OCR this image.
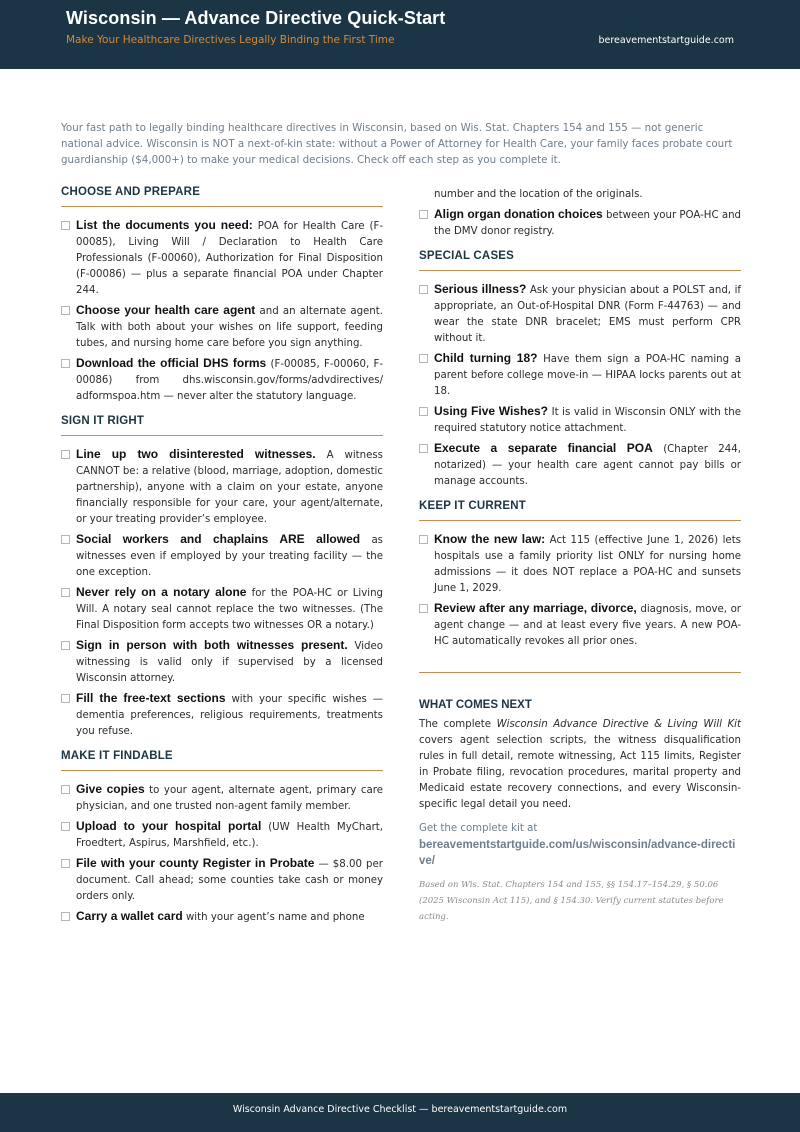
Wisconsin — Advance Directive Quick-Start
Make Your Healthcare Directives Legally Binding the First Time	bereavementstartguide.com
Your fast path to legally binding healthcare directives in Wisconsin, based on Wis. Stat. Chapters 154 and 155 — not generic national advice. Wisconsin is NOT a next-of-kin state: without a Power of Attorney for Health Care, your family faces probate court guardianship ($4,000+) to make your medical decisions. Check off each step as you complete it.
CHOOSE AND PREPARE
List the documents you need: POA for Health Care (F-00085), Living Will / Declaration to Health Care Professionals (F-00060), Authorization for Final Disposition (F-00086) — plus a separate financial POA under Chapter 244.
Choose your health care agent and an alternate agent. Talk with both about your wishes on life support, feeding tubes, and nursing home care before you sign anything.
Download the official DHS forms (F-00085, F-00060, F-00086) from dhs.wisconsin.gov/forms/advdirectives/ adformspoa.htm — never alter the statutory language.
SIGN IT RIGHT
Line up two disinterested witnesses. A witness CANNOT be: a relative (blood, marriage, adoption, domestic partnership), anyone with a claim on your estate, anyone financially responsible for your care, your agent/alternate, or your treating provider’s employee.
Social workers and chaplains ARE allowed as witnesses even if employed by your treating facility — the one exception.
Never rely on a notary alone for the POA-HC or Living Will. A notary seal cannot replace the two witnesses. (The Final Disposition form accepts two witnesses OR a notary.)
Sign in person with both witnesses present. Video witnessing is valid only if supervised by a licensed Wisconsin attorney.
Fill the free-text sections with your specific wishes — dementia preferences, religious requirements, treatments you refuse.
MAKE IT FINDABLE
Give copies to your agent, alternate agent, primary care physician, and one trusted non-agent family member.
Upload to your hospital portal (UW Health MyChart, Froedtert, Aspirus, Marshfield, etc.).
File with your county Register in Probate — $8.00 per document. Call ahead; some counties take cash or money orders only.
Carry a wallet card with your agent’s name and phone
number and the location of the originals.
Align organ donation choices between your POA-HC and the DMV donor registry.
SPECIAL CASES
Serious illness? Ask your physician about a POLST and, if appropriate, an Out-of-Hospital DNR (Form F-44763) — and wear the state DNR bracelet; EMS must perform CPR without it.
Child turning 18? Have them sign a POA-HC naming a parent before college move-in — HIPAA locks parents out at 18.
Using Five Wishes? It is valid in Wisconsin ONLY with the required statutory notice attachment.
Execute a separate financial POA (Chapter 244, notarized) — your health care agent cannot pay bills or manage accounts.
KEEP IT CURRENT
Know the new law: Act 115 (effective June 1, 2026) lets hospitals use a family priority list ONLY for nursing home admissions — it does NOT replace a POA-HC and sunsets June 1, 2029.
Review after any marriage, divorce, diagnosis, move, or agent change — and at least every five years. A new POA-HC automatically revokes all prior ones.
WHAT COMES NEXT
The complete Wisconsin Advance Directive & Living Will Kit covers agent selection scripts, the witness disqualification rules in full detail, remote witnessing, Act 115 limits, Register in Probate filing, revocation procedures, marital property and Medicaid estate recovery connections, and every Wisconsin-specific legal detail you need.
Get the complete kit at
bereavementstartguide.com/us/wisconsin/advance-directive/
Based on Wis. Stat. Chapters 154 and 155, §§ 154.17–154.29, § 50.06 (2025 Wisconsin Act 115), and § 154.30. Verify current statutes before acting.
Wisconsin Advance Directive Checklist — bereavementstartguide.com
